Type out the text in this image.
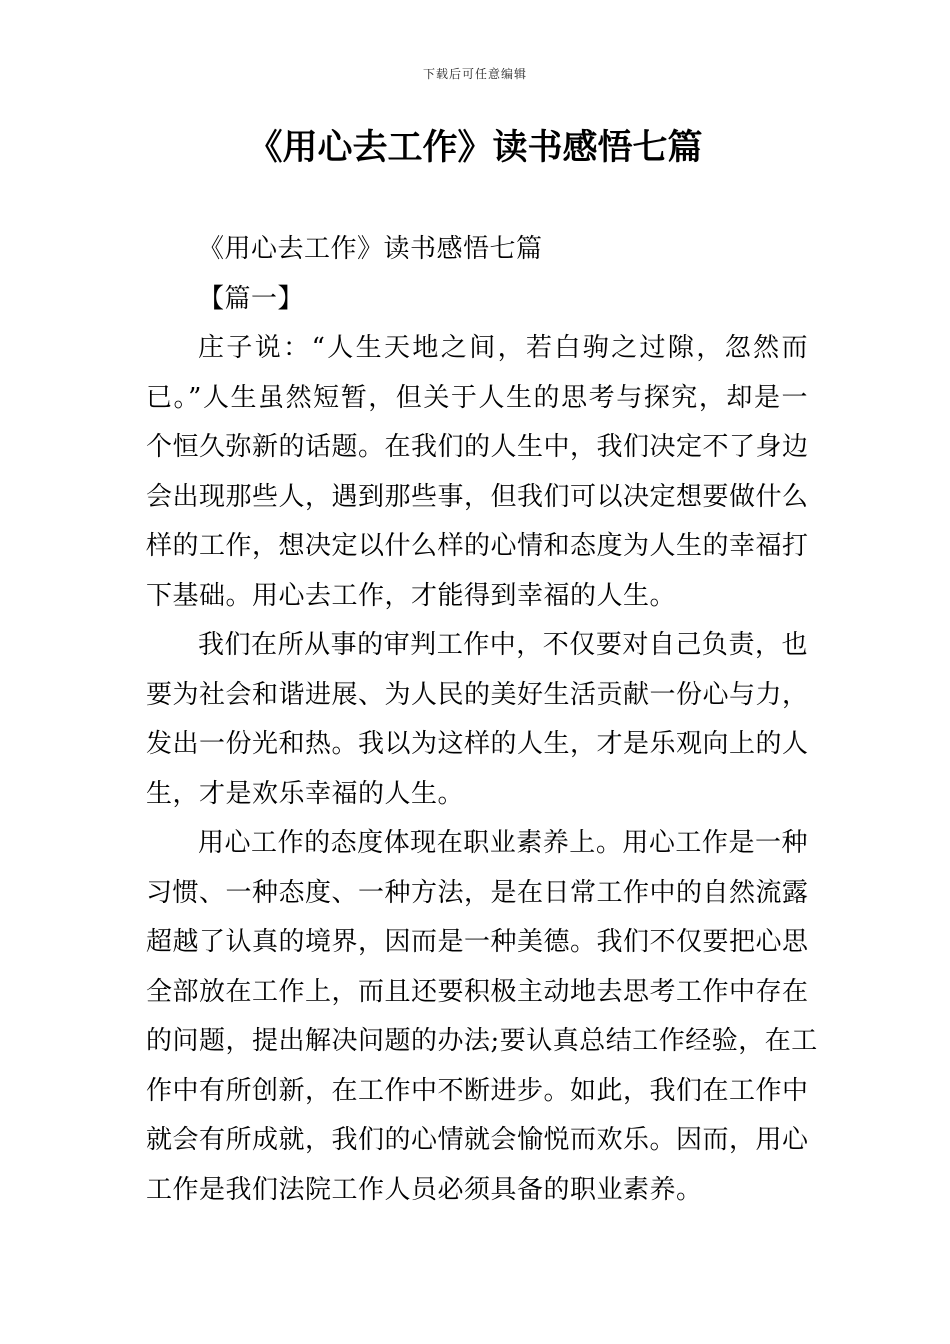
下载后可任意编辑
《用心去工作》读书感悟七篇
《用心去工作》读书感悟七篇
【篇一】
庄子说：“人生天地之间，若白驹之过隙，忽然而
已。”人生虽然短暂，但关于人生的思考与探究，却是一
个恒久弥新的话题。在我们的人生中，我们决定不了身边
会出现那些人，遇到那些事，但我们可以决定想要做什么
样的工作，想决定以什么样的心情和态度为人生的幸福打
下基础。用心去工作，才能得到幸福的人生。
我们在所从事的审判工作中，不仅要对自己负责，也
要为社会和谐进展、为人民的美好生活贡献一份心与力，
发出一份光和热。我以为这样的人生，才是乐观向上的人
生，才是欢乐幸福的人生。
用心工作的态度体现在职业素养上。用心工作是一种
习惯、一种态度、一种方法，是在日常工作中的自然流露
超越了认真的境界，因而是一种美德。我们不仅要把心思
全部放在工作上，而且还要积极主动地去思考工作中存在
的问题，提出解决问题的办法;要认真总结工作经验，在工
作中有所创新，在工作中不断进步。如此，我们在工作中
就会有所成就，我们的心情就会愉悦而欢乐。因而，用心
工作是我们法院工作人员必须具备的职业素养。
